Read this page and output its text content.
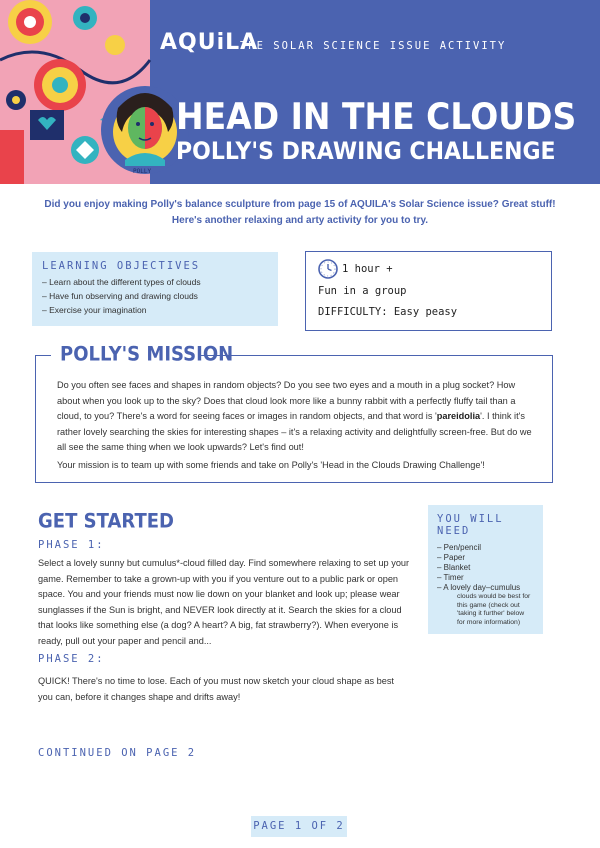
AQUiLA
THE SOLAR SCIENCE ISSUE ACTIVITY
HEAD IN THE CLOUDS
POLLY'S DRAWING CHALLENGE
POLLY
Did you enjoy making Polly's balance sculpture from page 15 of AQUILA's Solar Science issue? Great stuff!
Here's another relaxing and arty activity for you to try.
LEARNING OBJECTIVES
– Learn about the different types of clouds
– Have fun observing and drawing clouds
– Exercise your imagination
1 hour +
Fun in a group
DIFFICULTY: Easy peasy
POLLY'S MISSION

Do you often see faces and shapes in random objects? Do you see two eyes and a mouth in a plug socket? How about when you look up to the sky? Does that cloud look more like a bunny rabbit with a perfectly fluffy tail than a cloud, to you? There's a word for seeing faces or images in random objects, and that word is 'pareidolia'. I think it's rather lovely searching the skies for interesting shapes – it's a relaxing activity and delightfully screen-free. But do we all see the same thing when we look upwards? Let's find out!

Your mission is to team up with some friends and take on Polly's 'Head in the Clouds Drawing Challenge'!

GET STARTED
PHASE 1:
Select a lovely sunny but cumulus*-cloud filled day. Find somewhere relaxing to set up your game. Remember to take a grown-up with you if you venture out to a public park or open space. You and your friends must now lie down on your blanket and look up; please wear sunglasses if the Sun is bright, and NEVER look directly at it. Search the skies for a cloud that looks like something else (a dog? A heart? A big, fat strawberry?). When everyone is ready, pull out your paper and pencil and...
PHASE 2:
QUICK! There's no time to lose. Each of you must now sketch your cloud shape as best you can, before it changes shape and drifts away!
YOU WILL NEED
– Pen/pencil
– Paper
– Blanket
– Timer
– A lovely day–cumulus
clouds would be best for this game (check out 'taking it further' below for more information)
CONTINUED ON PAGE 2
PAGE 1 OF 2
